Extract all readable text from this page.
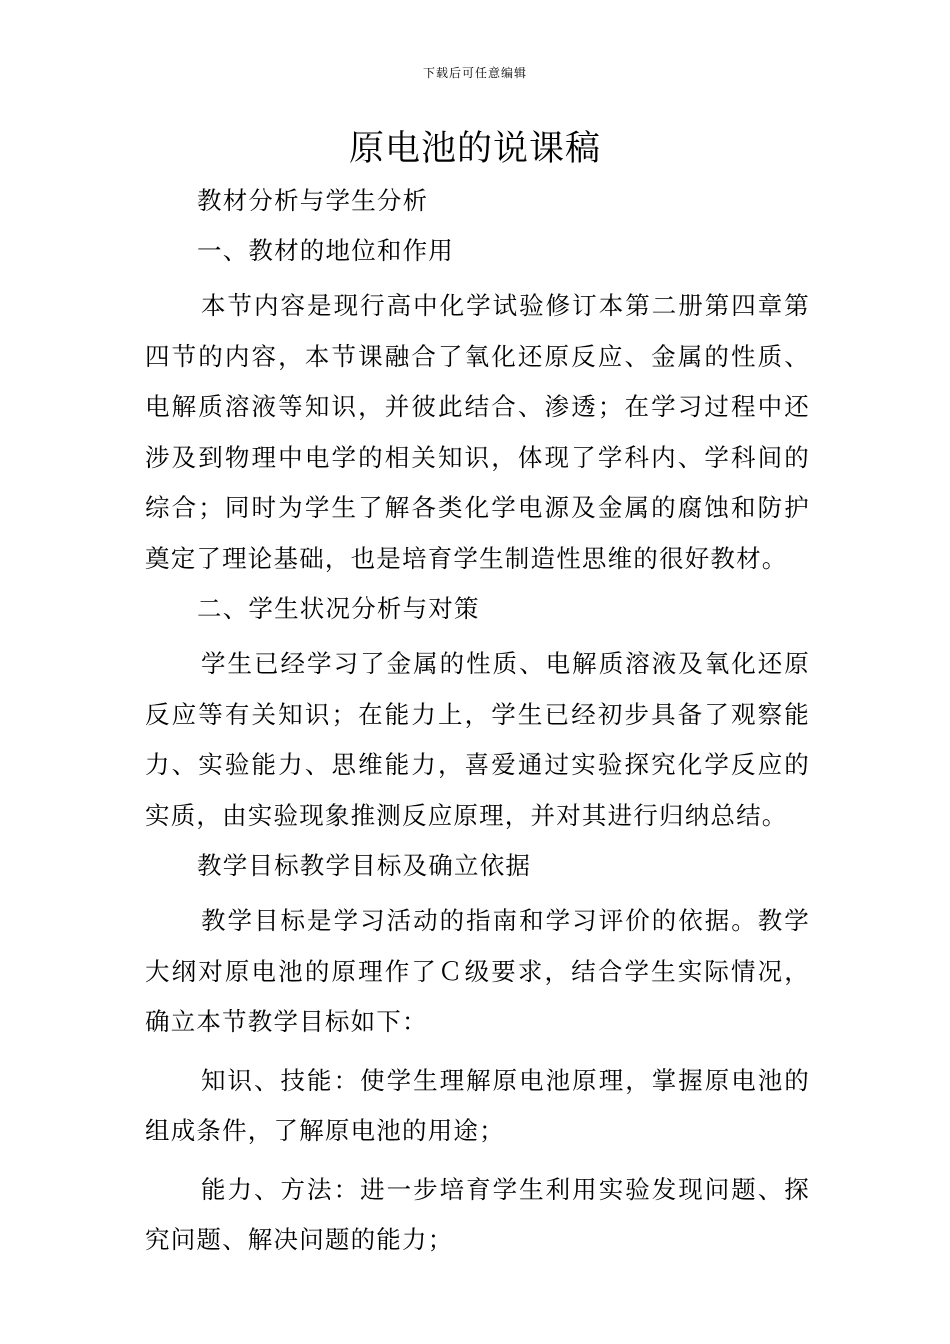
下载后可任意编辑
原电池的说课稿

教材分析与学生分析

一、教材的地位和作用

本节内容是现行高中化学试验修订本第二册第四章第四节的内容，本节课融合了氧化还原反应、金属的性质、电解质溶液等知识，并彼此结合、渗透；在学习过程中还涉及到物理中电学的相关知识，体现了学科内、学科间的综合；同时为学生了解各类化学电源及金属的腐蚀和防护奠定了理论基础，也是培育学生制造性思维的很好教材。

二、学生状况分析与对策

学生已经学习了金属的性质、电解质溶液及氧化还原反应等有关知识；在能力上，学生已经初步具备了观察能力、实验能力、思维能力，喜爱通过实验探究化学反应的实质，由实验现象推测反应原理，并对其进行归纳总结。

教学目标教学目标及确立依据

教学目标是学习活动的指南和学习评价的依据。教学大纲对原电池的原理作了Ｃ级要求，结合学生实际情况，确立本节教学目标如下：

知识、技能：使学生理解原电池原理，掌握原电池的组成条件，了解原电池的用途；

能力、方法：进一步培育学生利用实验发现问题、探究问题、解决问题的能力；
